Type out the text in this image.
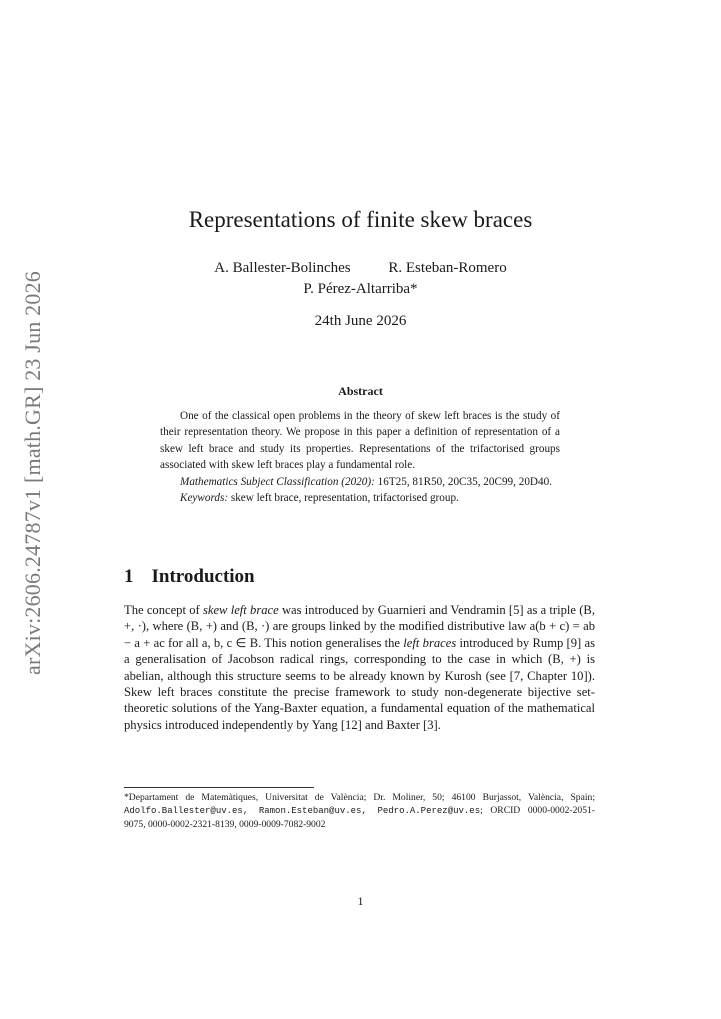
arXiv:2606.24787v1 [math.GR] 23 Jun 2026
Representations of finite skew braces
A. Ballester-Bolinches	R. Esteban-Romero
P. Pérez-Altarriba*
24th June 2026
Abstract

One of the classical open problems in the theory of skew left braces is the study of their representation theory. We propose in this paper a definition of representation of a skew left brace and study its properties. Representations of the trifactorised groups associated with skew left braces play a fundamental role.

Mathematics Subject Classification (2020): 16T25, 81R50, 20C35, 20C99, 20D40.

Keywords: skew left brace, representation, trifactorised group.

1 Introduction

The concept of skew left brace was introduced by Guarnieri and Vendramin [5] as a triple (B, +, ·), where (B, +) and (B, ·) are groups linked by the modified distributive law a(b + c) = ab − a + ac for all a, b, c ∈ B. This notion generalises the left braces introduced by Rump [9] as a generalisation of Jacobson radical rings, corresponding to the case in which (B, +) is abelian, although this structure seems to be already known by Kurosh (see [7, Chapter 10]). Skew left braces constitute the precise framework to study non-degenerate bijective set-theoretic solutions of the Yang-Baxter equation, a fundamental equation of the mathematical physics introduced independently by Yang [12] and Baxter [3].

*Departament de Matemàtiques, Universitat de València; Dr. Moliner, 50; 46100 Burjassot, València, Spain; Adolfo.Ballester@uv.es, Ramon.Esteban@uv.es, Pedro.A.Perez@uv.es; ORCID 0000-0002-2051-9075, 0000-0002-2321-8139, 0009-0009-7082-9002
1
